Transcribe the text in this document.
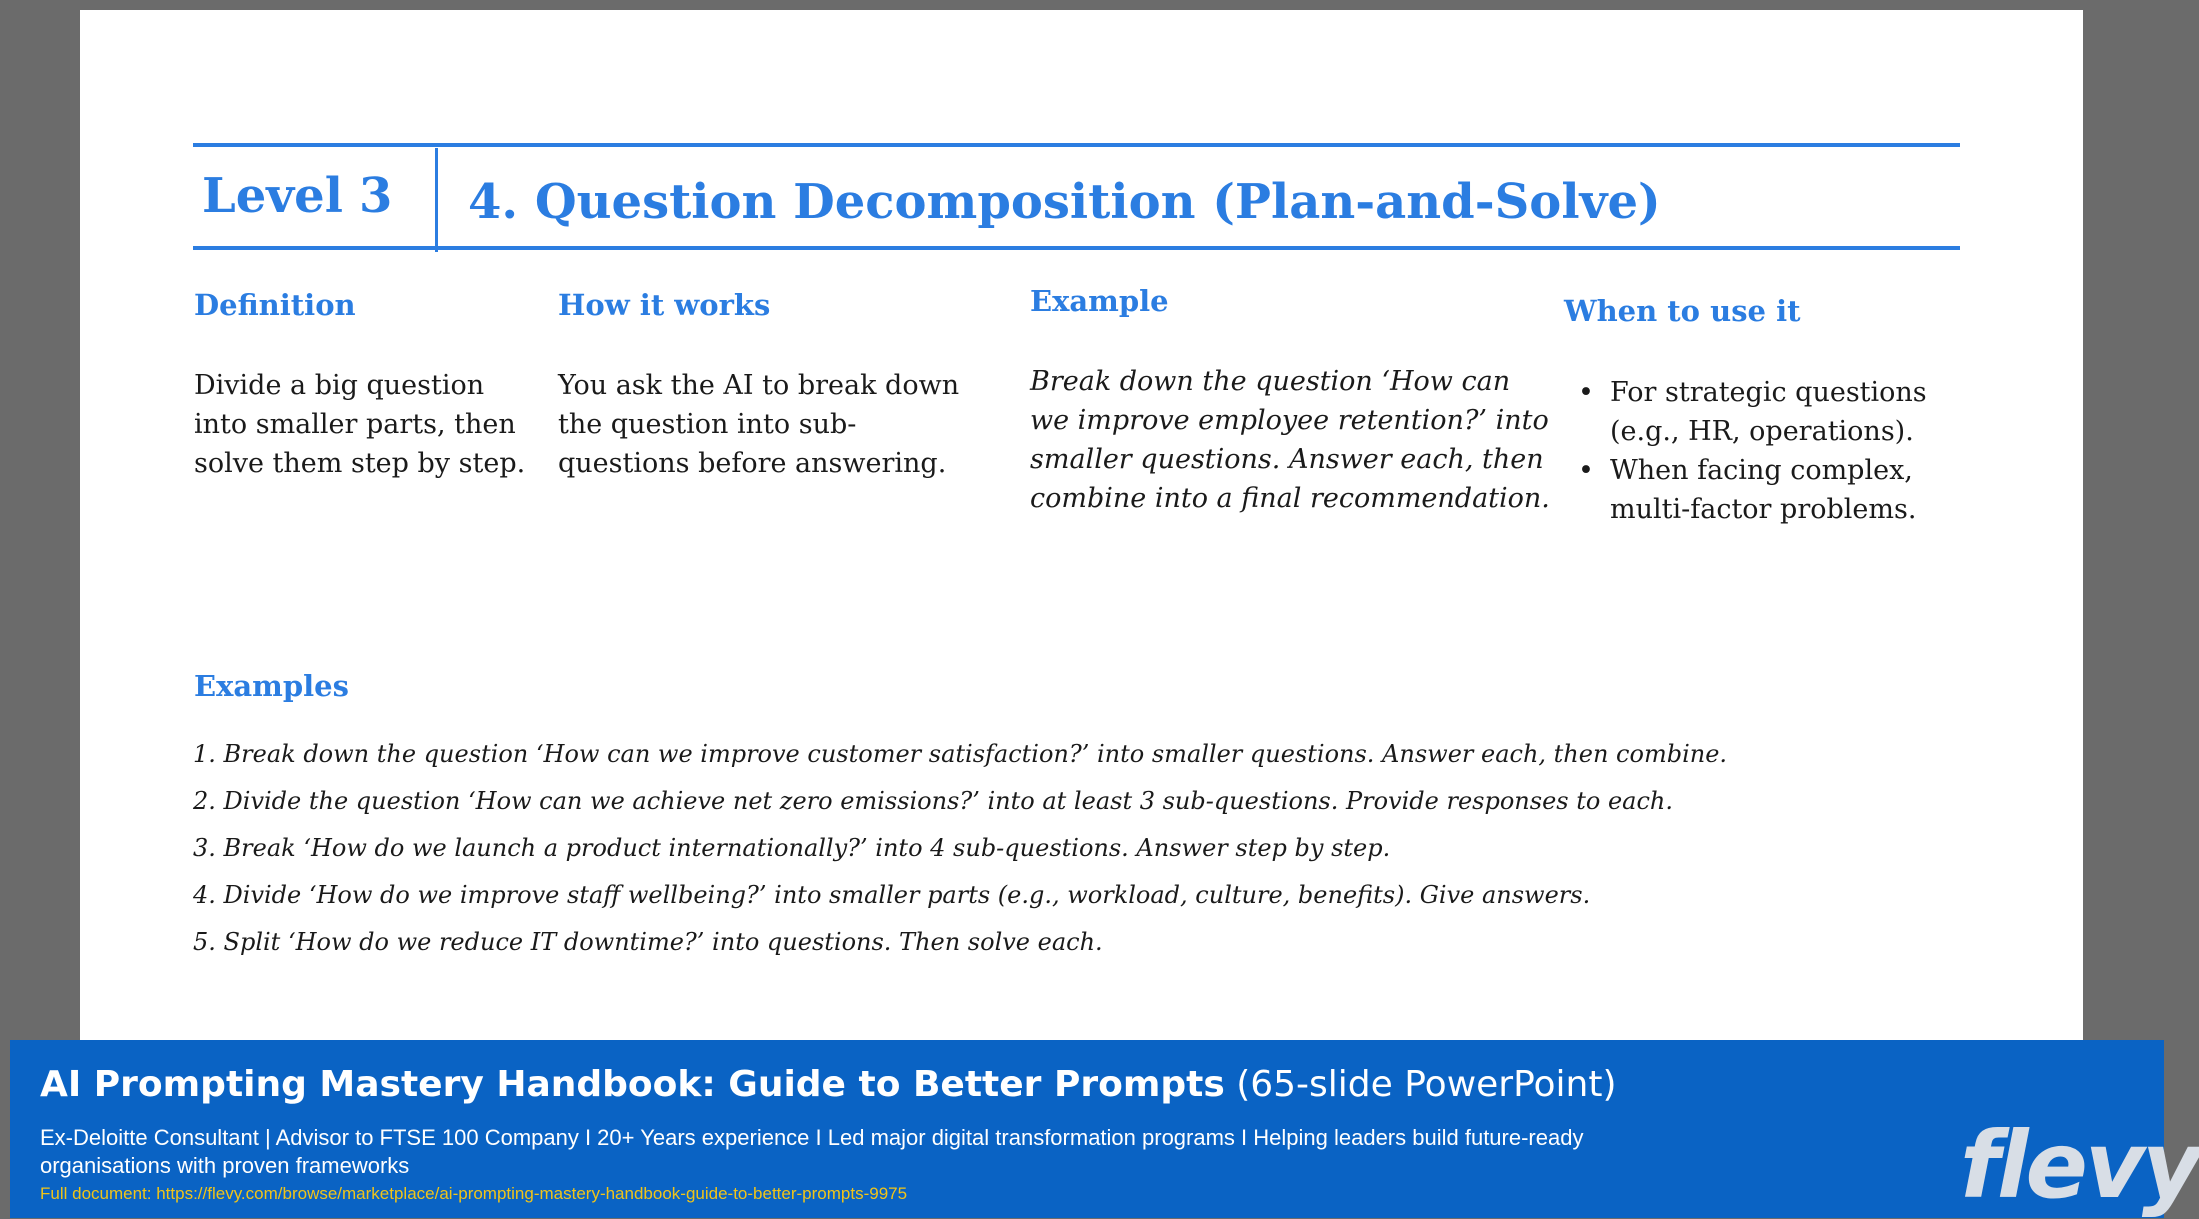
Level 3 4. Question Decomposition (Plan-and-Solve)
Definition
Divide a big question into smaller parts, then solve them step by step.
How it works
You ask the AI to break down the question into sub-questions before answering.
Example
Break down the question ‘How can we improve employee retention?’ into smaller questions. Answer each, then combine into a final recommendation.
When to use it
• For strategic questions (e.g., HR, operations).
• When facing complex, multi-factor problems.
Examples
1. Break down the question ‘How can we improve customer satisfaction?’ into smaller questions. Answer each, then combine.
2. Divide the question ‘How can we achieve net zero emissions?’ into at least 3 sub-questions. Provide responses to each.
3. Break ‘How do we launch a product internationally?’ into 4 sub-questions. Answer step by step.
4. Divide ‘How do we improve staff wellbeing?’ into smaller parts (e.g., workload, culture, benefits). Give answers.
5. Split ‘How do we reduce IT downtime?’ into questions. Then solve each.
AI Prompting Mastery Handbook: Guide to Better Prompts (65-slide PowerPoint)
Ex-Deloitte Consultant | Advisor to FTSE 100 Company I 20+ Years experience I Led major digital transformation programs I Helping leaders build future-ready organisations with proven frameworks
Full document: https://flevy.com/browse/marketplace/ai-prompting-mastery-handbook-guide-to-better-prompts-9975	flevy
